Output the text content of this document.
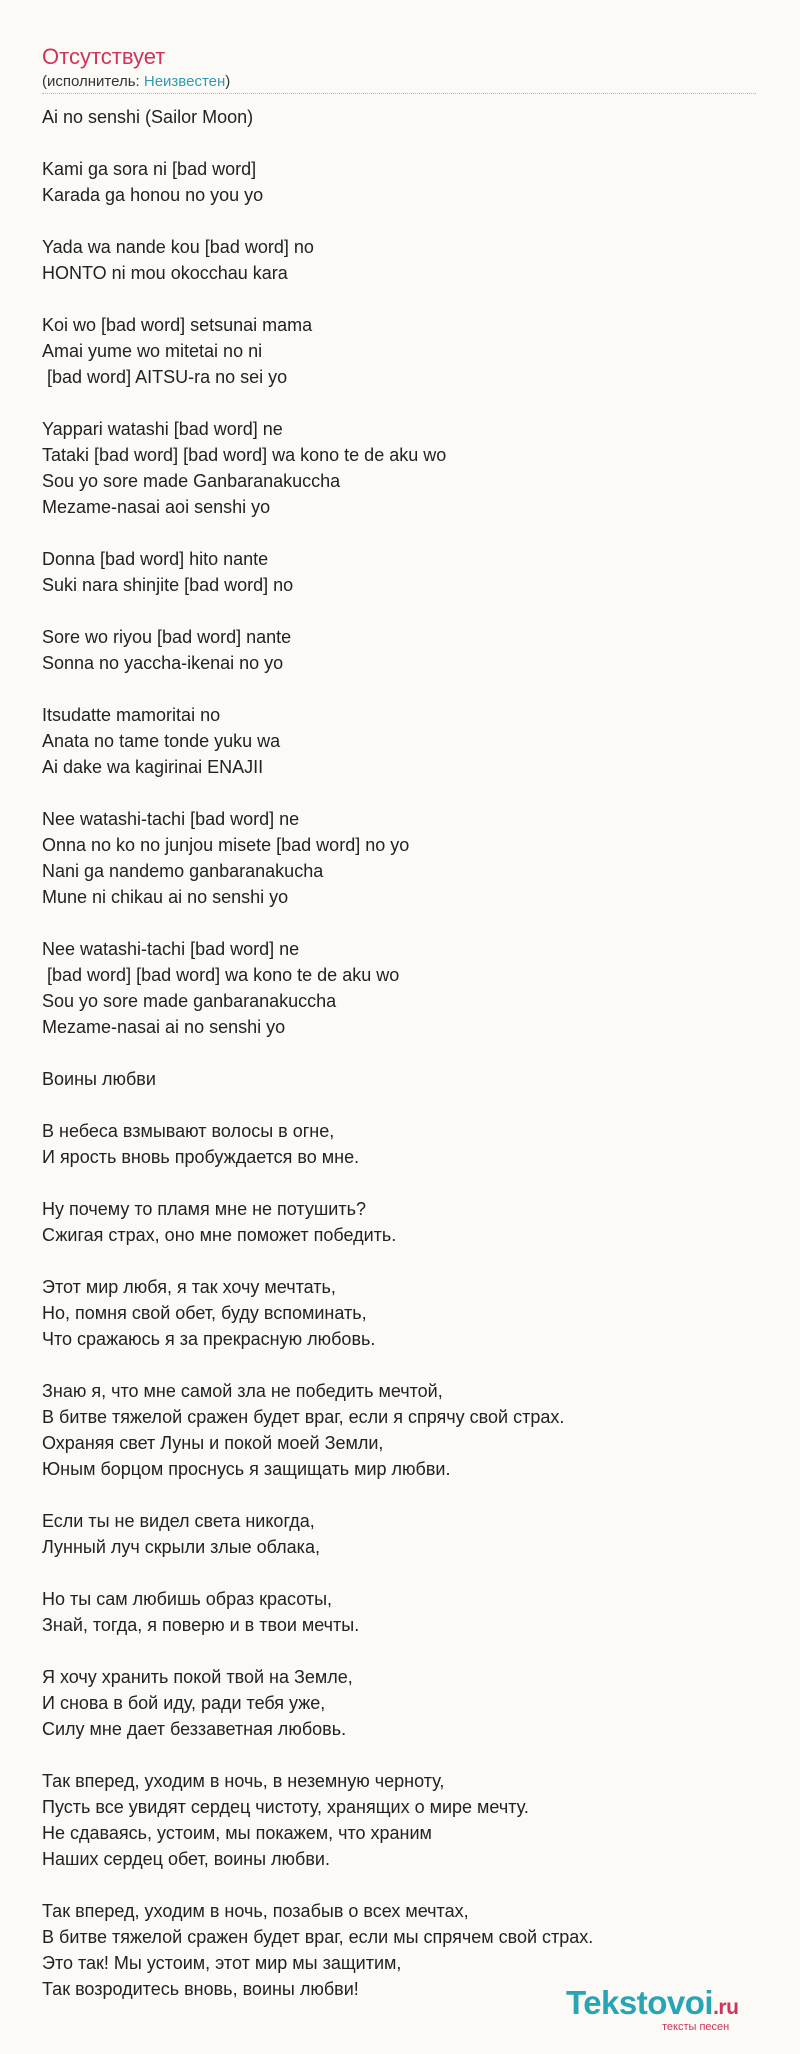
Отсутствует
(исполнитель: Неизвестен)
Ai no senshi (Sailor Moon)

Kami ga sora ni [bad word]
Karada ga honou no you yo

Yada wa nande kou [bad word] no
HONTO ni mou okocchau kara

Koi wo [bad word] setsunai mama
Amai yume wo mitetai no ni
[bad word] AITSU-ra no sei yo

Yappari watashi [bad word] ne
Tataki [bad word] [bad word] wa kono te de aku wo
Sou yo sore made Ganbaranakuccha
Mezame-nasai aoi senshi yo

Donna [bad word] hito nante
Suki nara shinjite [bad word] no

Sore wo riyou [bad word] nante
Sonna no yaccha-ikenai no yo

Itsudatte mamoritai no
Anata no tame tonde yuku wa
Ai dake wa kagirinai ENAJII

Nee watashi-tachi [bad word] ne
Onna no ko no junjou misete [bad word] no yo
Nani ga nandemo ganbaranakucha
Mune ni chikau ai no senshi yo

Nee watashi-tachi [bad word] ne
[bad word] [bad word] wa kono te de aku wo
Sou yo sore made ganbaranakuccha
Mezame-nasai ai no senshi yo

Воины любви

В небеса взмывают волосы в огне,
И ярость вновь пробуждается во мне.

Ну почему то пламя мне не потушить?
Сжигая страх, оно мне поможет победить.

Этот мир любя, я так хочу мечтать,
Но, помня свой обет, буду вспоминать,
Что сражаюсь я за прекрасную любовь.

Знаю я, что мне самой зла не победить мечтой,
В битве тяжелой сражен будет враг, если я спрячу свой страх.
Охраняя свет Луны и покой моей Земли,
Юным борцом проснусь я защищать мир любви.

Если ты не видел света никогда,
Лунный луч скрыли злые облака,

Но ты сам любишь образ красоты,
Знай, тогда, я поверю и в твои мечты.

Я хочу хранить покой твой на Земле,
И снова в бой иду, ради тебя уже,
Силу мне дает беззаветная любовь.

Так вперед, уходим в ночь, в неземную черноту,
Пусть все увидят сердец чистоту, хранящих о мире мечту.
Не сдаваясь, устоим, мы покажем, что храним
Наших сердец обет, воины любви.

Так вперед, уходим в ночь, позабыв о всех мечтах,
В битве тяжелой сражен будет враг, если мы спрячем свой страх.
Это так! Мы устоим, этот мир мы защитим,
Так возродитесь вновь, воины любви!	Tekstovoi.ru
тексты песен
